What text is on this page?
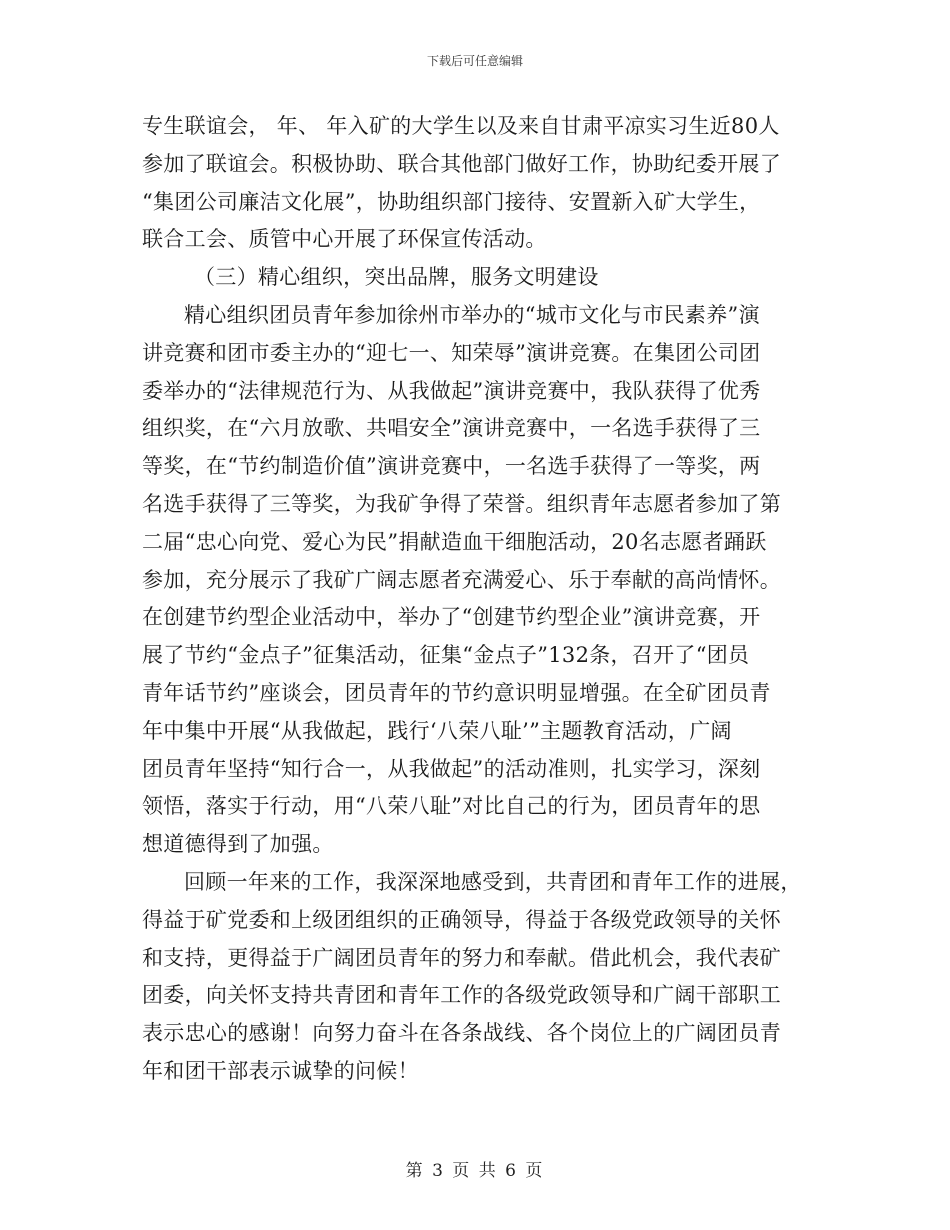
下载后可任意编辑
专生联谊会， 年、 年入矿的大学生以及来自甘肃平凉实习生近80人
参加了联谊会。积极协助、联合其他部门做好工作，协助纪委开展了
“集团公司廉洁文化展”，协助组织部门接待、安置新入矿大学生，
联合工会、质管中心开展了环保宣传活动。
（三）精心组织，突出品牌，服务文明建设
精心组织团员青年参加徐州市举办的“城市文化与市民素养”演
讲竞赛和团市委主办的“迎七一、知荣辱”演讲竞赛。在集团公司团
委举办的“法律规范行为、从我做起”演讲竞赛中，我队获得了优秀
组织奖，在“六月放歌、共唱安全”演讲竞赛中，一名选手获得了三
等奖，在“节约制造价值”演讲竞赛中，一名选手获得了一等奖，两
名选手获得了三等奖，为我矿争得了荣誉。组织青年志愿者参加了第
二届“忠心向党、爱心为民”捐献造血干细胞活动，20名志愿者踊跃
参加，充分展示了我矿广阔志愿者充满爱心、乐于奉献的高尚情怀。
在创建节约型企业活动中，举办了“创建节约型企业”演讲竞赛，开
展了节约“金点子”征集活动，征集“金点子”132条，召开了“团员
青年话节约”座谈会，团员青年的节约意识明显增强。在全矿团员青
年中集中开展“从我做起，践行‘八荣八耻’”主题教育活动，广阔
团员青年坚持“知行合一，从我做起”的活动准则，扎实学习，深刻
领悟，落实于行动，用“八荣八耻”对比自己的行为，团员青年的思
想道德得到了加强。
回顾一年来的工作，我深深地感受到，共青团和青年工作的进展，
得益于矿党委和上级团组织的正确领导，得益于各级党政领导的关怀
和支持，更得益于广阔团员青年的努力和奉献。借此机会，我代表矿
团委，向关怀支持共青团和青年工作的各级党政领导和广阔干部职工
表示忠心的感谢！向努力奋斗在各条战线、各个岗位上的广阔团员青
年和团干部表示诚挚的问候！
第 3 页 共 6 页
